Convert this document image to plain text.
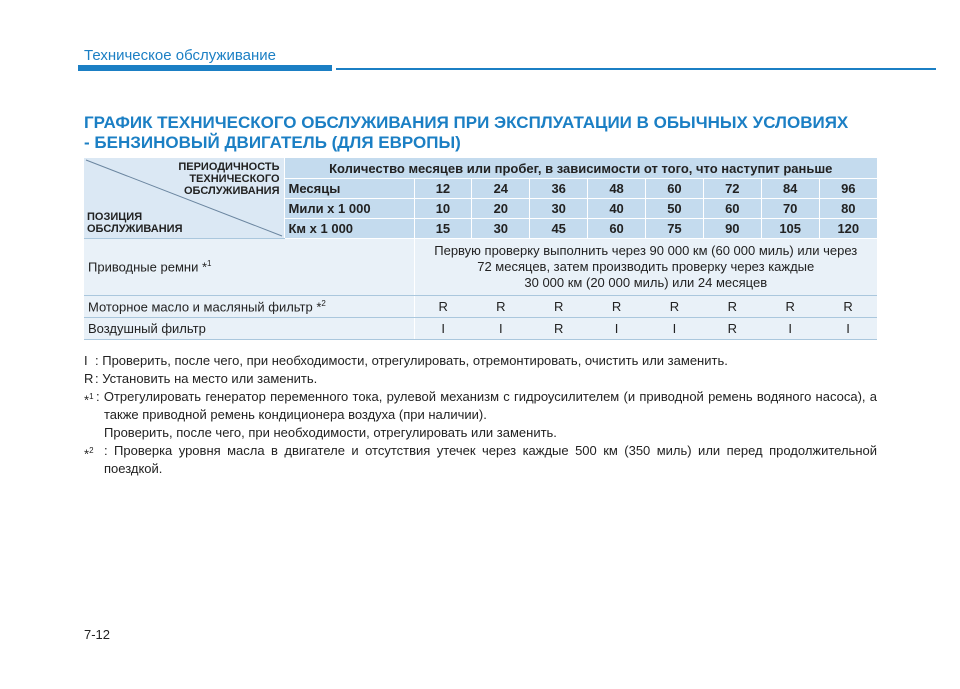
Техническое обслуживание
ГРАФИК ТЕХНИЧЕСКОГО ОБСЛУЖИВАНИЯ ПРИ ЭКСПЛУАТАЦИИ В ОБЫЧНЫХ УСЛОВИЯХ
- БЕНЗИНОВЫЙ ДВИГАТЕЛЬ (ДЛЯ ЕВРОПЫ)
ПЕРИОДИЧНОСТЬ
ТЕХНИЧЕСКОГО
ОБСЛУЖИВАНИЯ
ПОЗИЦИЯ
ОБСЛУЖИВАНИЯ	Количество месяцев или пробег, в зависимости от того, что наступит раньше								
	Месяцы	12	24	36	48	60	72	84	96
	Мили х 1 000	10	20	30	40	50	60	70	80
	Км х 1 000	15	30	45	60	75	90	105	120
Приводные ремни *$^1$		Первую проверку выполнить через 90 000 км (60 000 миль) или через
72 месяцев, затем производить проверку через каждые
30 000 км (20 000 миль) или 24 месяцев							

Моторное масло и масляный фильтр *$^2$		R	R	R	R	R	R	R	R
Воздушный фильтр		I	I	R	I	I	R	I	I
I : Проверить, после чего, при необходимости, отрегулировать, отремонтировать, очистить или заменить.
R : Установить на место или заменить.
*$^1$ : Отрегулировать генератор переменного тока, рулевой механизм с гидроусилителем (и приводной ремень водяного насоса), а также приводной ремень кондиционера воздуха (при наличии).
Проверить, после чего, при необходимости, отрегулировать или заменить.
*$^2$ : Проверка уровня масла в двигателе и отсутствия утечек через каждые 500 км (350 миль) или перед продолжительной поездкой.
7-12
